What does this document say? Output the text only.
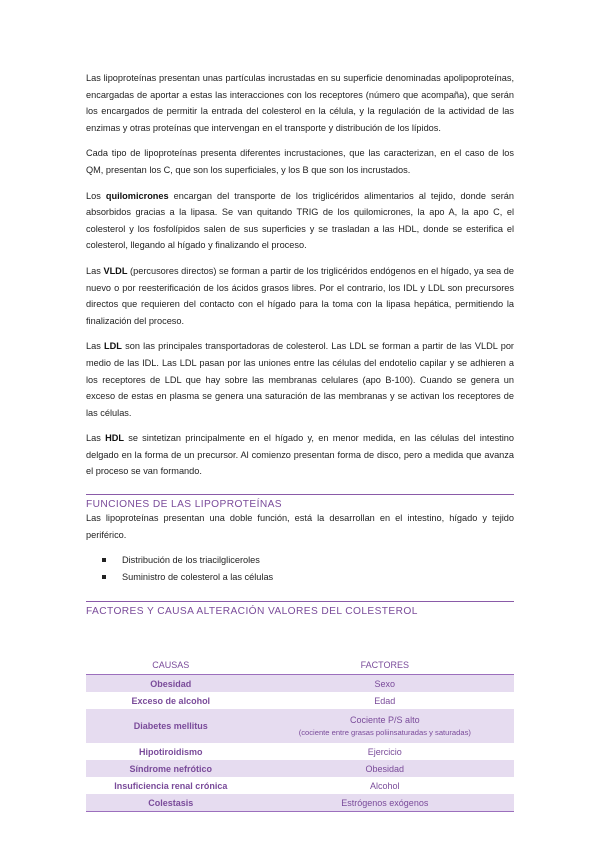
Las lipoproteínas presentan unas partículas incrustadas en su superficie denominadas apolipoproteínas, encargadas de aportar a estas las interacciones con los receptores (número que acompaña), que serán los encargados de permitir la entrada del colesterol en la célula, y la regulación de la actividad de las enzimas y otras proteínas que intervengan en el transporte y distribución de los lípidos.

Cada tipo de lipoproteínas presenta diferentes incrustaciones, que las caracterizan, en el caso de los QM, presentan los C, que son los superficiales, y los B que son los incrustados.

Los quilomicrones encargan del transporte de los triglicéridos alimentarios al tejido, donde serán absorbidos gracias a la lipasa. Se van quitando TRIG de los quilomicrones, la apo A, la apo C, el colesterol y los fosfolípidos salen de sus superficies y se trasladan a las HDL, donde se esterifica el colesterol, llegando al hígado y finalizando el proceso.

Las VLDL (percusores directos) se forman a partir de los triglicéridos endógenos en el hígado, ya sea de nuevo o por reesterificación de los ácidos grasos libres. Por el contrario, los IDL y LDL son precursores directos que requieren del contacto con el hígado para la toma con la lipasa hepática, permitiendo la finalización del proceso.

Las LDL son las principales transportadoras de colesterol. Las LDL se forman a partir de las VLDL por medio de las IDL. Las LDL pasan por las uniones entre las células del endotelio capilar y se adhieren a los receptores de LDL que hay sobre las membranas celulares (apo B-100). Cuando se genera un exceso de estas en plasma se genera una saturación de las membranas y se activan los receptores de las células.

Las HDL se sintetizan principalmente en el hígado y, en menor medida, en las células del intestino delgado en la forma de un precursor. Al comienzo presentan forma de disco, pero a medida que avanza el proceso se van formando.

FUNCIONES DE LAS LIPOPROTEÍNAS

Las lipoproteínas presentan una doble función, está la desarrollan en el intestino, hígado y tejido periférico.

Distribución de los triacilgliceroles
Suministro de colesterol a las células
FACTORES Y CAUSA ALTERACIÓN VALORES DEL COLESTEROL
CAUSAS	FACTORES
Obesidad	Sexo
Exceso de alcohol	Edad
Diabetes mellitus	Cociente P/S alto
(cociente entre grasas poliinsaturadas y saturadas)

Hipotiroidismo	Ejercicio
Síndrome nefrótico	Obesidad
Insuficiencia renal crónica	Alcohol
Colestasis	Estrógenos exógenos
